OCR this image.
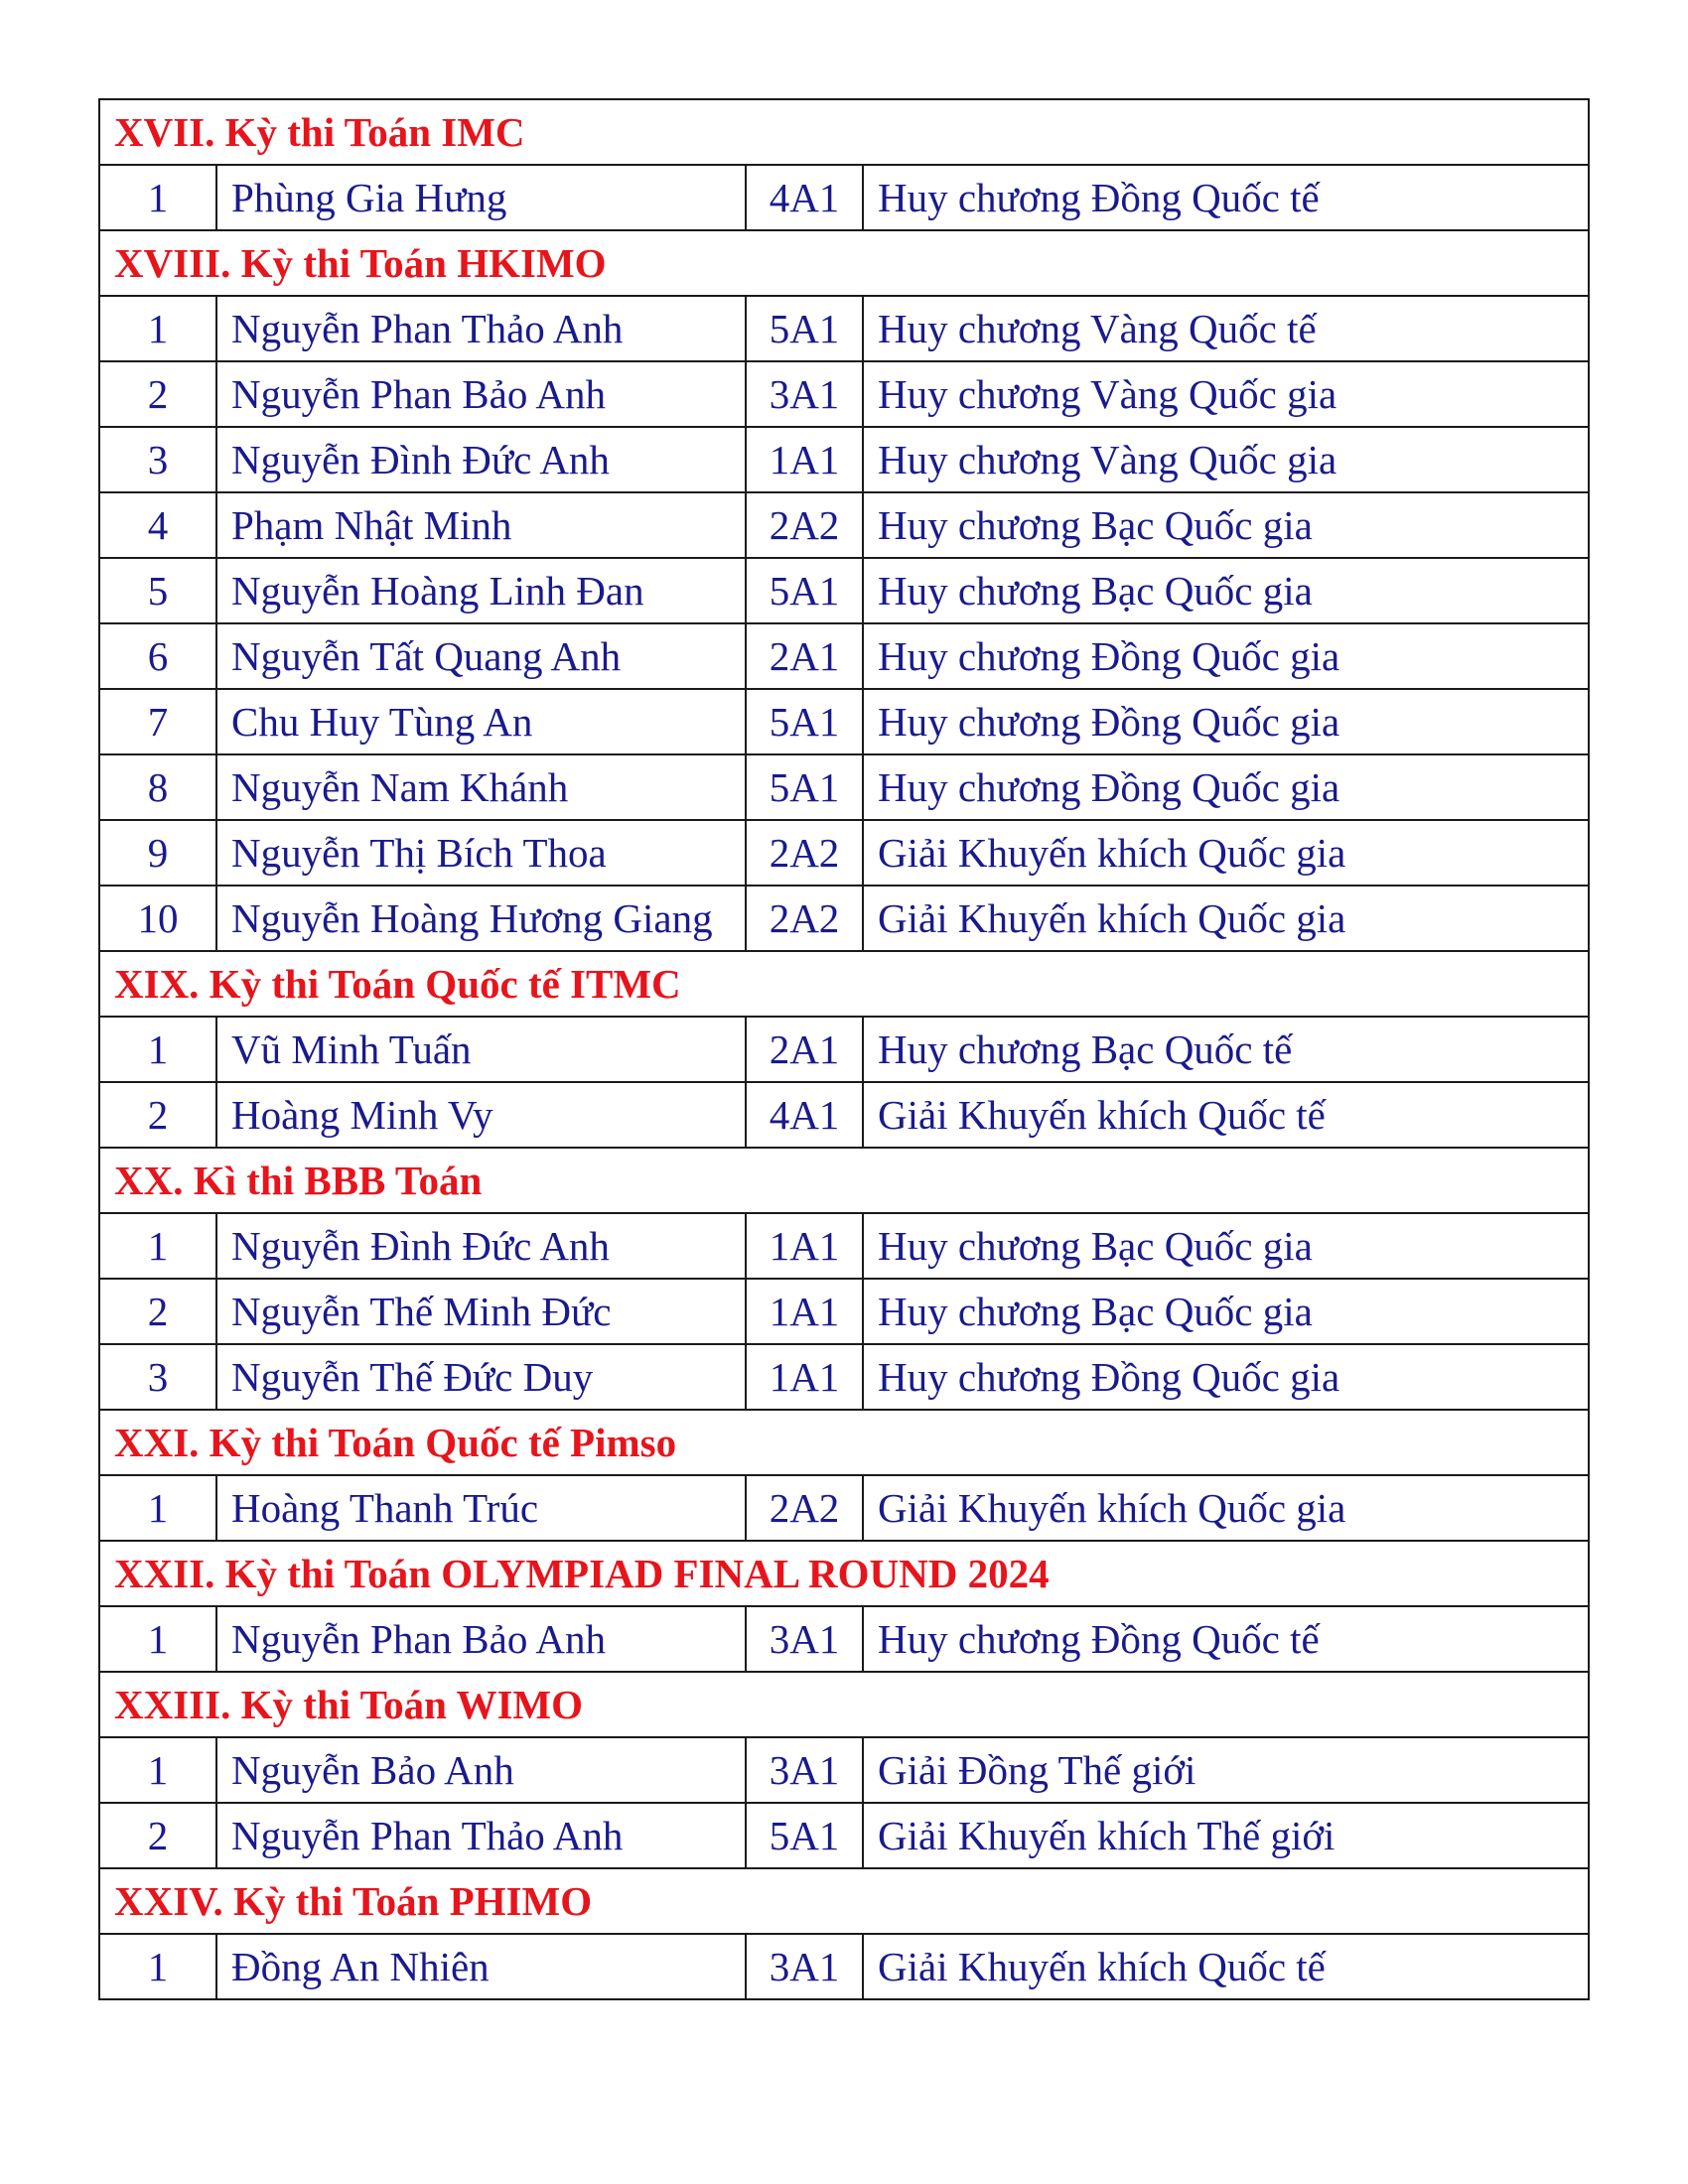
XVII. Kỳ thi Toán IMC			
1	Phùng Gia Hưng	4A1	Huy chương Đồng Quốc tế
XVIII. Kỳ thi Toán HKIMO			
1	Nguyễn Phan Thảo Anh	5A1	Huy chương Vàng Quốc tế
2	Nguyễn Phan Bảo Anh	3A1	Huy chương Vàng Quốc gia
3	Nguyễn Đình Đức Anh	1A1	Huy chương Vàng Quốc gia
4	Phạm Nhật Minh	2A2	Huy chương Bạc Quốc gia
5	Nguyễn Hoàng Linh Đan	5A1	Huy chương Bạc Quốc gia
6	Nguyễn Tất Quang Anh	2A1	Huy chương Đồng Quốc gia
7	Chu Huy Tùng An	5A1	Huy chương Đồng Quốc gia
8	Nguyễn Nam Khánh	5A1	Huy chương Đồng Quốc gia
9	Nguyễn Thị Bích Thoa	2A2	Giải Khuyến khích Quốc gia
10	Nguyễn Hoàng Hương Giang	2A2	Giải Khuyến khích Quốc gia
XIX. Kỳ thi Toán Quốc tế ITMC			
1	Vũ Minh Tuấn	2A1	Huy chương Bạc Quốc tế
2	Hoàng Minh Vy	4A1	Giải Khuyến khích Quốc tế
XX. Kì thi BBB Toán			
1	Nguyễn Đình Đức Anh	1A1	Huy chương Bạc Quốc gia
2	Nguyễn Thế Minh Đức	1A1	Huy chương Bạc Quốc gia
3	Nguyễn Thế Đức Duy	1A1	Huy chương Đồng Quốc gia
XXI. Kỳ thi Toán Quốc tế Pimso			
1	Hoàng Thanh Trúc	2A2	Giải Khuyến khích Quốc gia
XXII. Kỳ thi Toán OLYMPIAD FINAL ROUND 2024			
1	Nguyễn Phan Bảo Anh	3A1	Huy chương Đồng Quốc tế
XXIII. Kỳ thi Toán WIMO			
1	Nguyễn Bảo Anh	3A1	Giải Đồng Thế giới
2	Nguyễn Phan Thảo Anh	5A1	Giải Khuyến khích Thế giới
XXIV. Kỳ thi Toán PHIMO			
1	Đồng An Nhiên	3A1	Giải Khuyến khích Quốc tế
